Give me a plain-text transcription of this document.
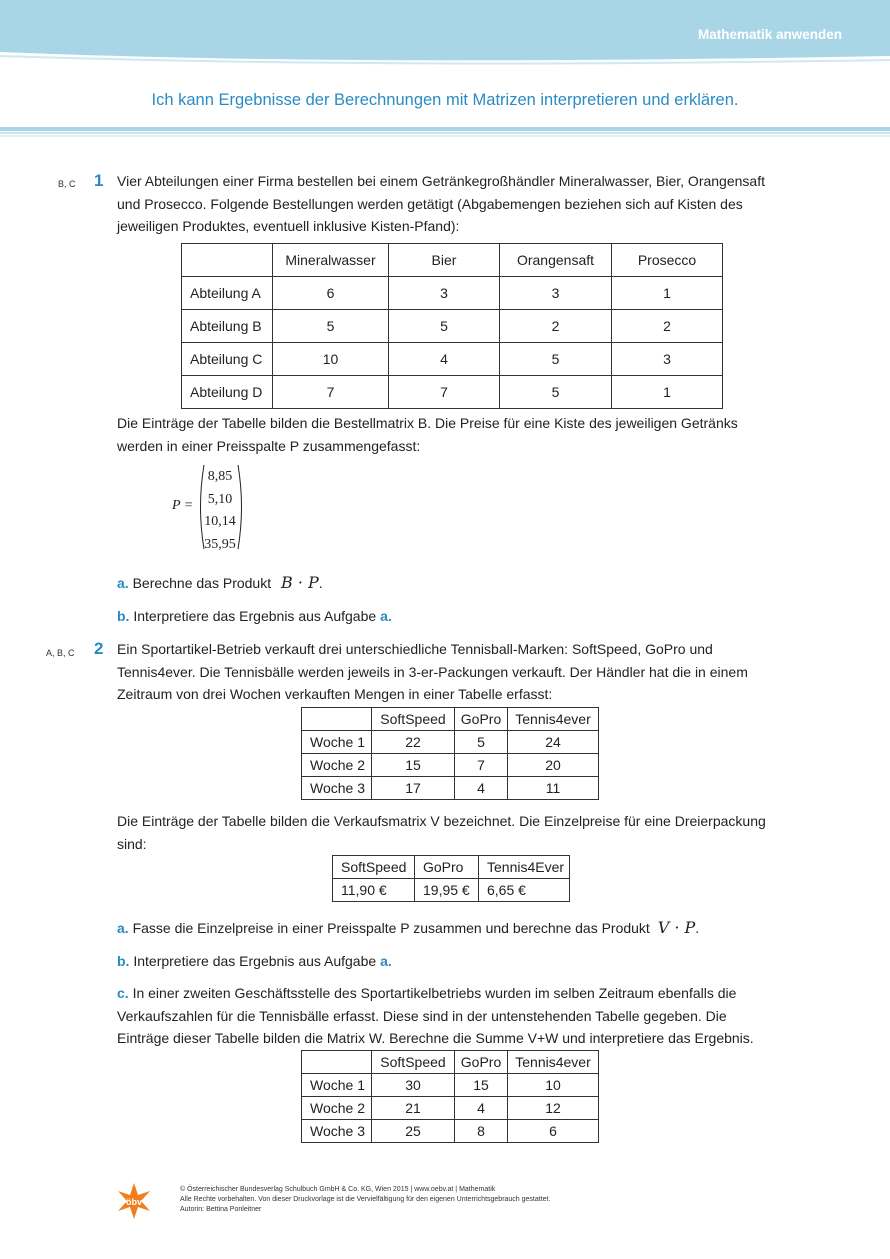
Mathematik anwenden
Ich kann Ergebnisse der Berechnungen mit Matrizen interpretieren und erklären.
B, C 1 Vier Abteilungen einer Firma bestellen bei einem Getränkegroßhändler Mineralwasser, Bier, Orangensaft
und Prosecco. Folgende Bestellungen werden getätigt (Abgabemengen beziehen sich auf Kisten des
jeweiligen Produktes, eventuell inklusive Kisten-Pfand):
	Mineralwasser	Bier	Orangensaft	Prosecco
Abteilung A	6	3	3	1
Abteilung B	5	5	2	2
Abteilung C	10	4	5	3
Abteilung D	7	7	5	1
Die Einträge der Tabelle bilden die Bestellmatrix B. Die Preise für eine Kiste des jeweiligen Getränks
werden in einer Preisspalte P zusammengefasst:
P =
8,85
5,10
10,14
35,95
a. Berechne das Produkt B · P.
b. Interpretiere das Ergebnis aus Aufgabe a.
A, B, C 2 Ein Sportartikel-Betrieb verkauft drei unterschiedliche Tennisball-Marken: SoftSpeed, GoPro und
Tennis4ever. Die Tennisbälle werden jeweils in 3-er-Packungen verkauft. Der Händler hat die in einem
Zeitraum von drei Wochen verkauften Mengen in einer Tabelle erfasst:
	SoftSpeed	GoPro	Tennis4ever
Woche 1	22	5	24
Woche 2	15	7	20
Woche 3	17	4	11
Die Einträge der Tabelle bilden die Verkaufsmatrix V bezeichnet. Die Einzelpreise für eine Dreierpackung
sind:
SoftSpeed	GoPro	Tennis4Ever
11,90 €	19,95 €	6,65 €
a. Fasse die Einzelpreise in einer Preisspalte P zusammen und berechne das Produkt V · P.
b. Interpretiere das Ergebnis aus Aufgabe a.
c. In einer zweiten Geschäftsstelle des Sportartikelbetriebs wurden im selben Zeitraum ebenfalls die
Verkaufszahlen für die Tennisbälle erfasst. Diese sind in der untenstehenden Tabelle gegeben. Die
Einträge dieser Tabelle bilden die Matrix W. Berechne die Summe V+W und interpretiere das Ergebnis.
	SoftSpeed	GoPro	Tennis4ever
Woche 1	30	15	10
Woche 2	21	4	12
Woche 3	25	8	6
öbv
© Österreichischer Bundesverlag Schulbuch GmbH & Co. KG, Wien 2015 | www.oebv.at | Mathematik
Alle Rechte vorbehalten. Von dieser Druckvorlage ist die Vervielfältigung für den eigenen Unterrichtsgebrauch gestattet.
Autorin: Bettina Ponleitner
